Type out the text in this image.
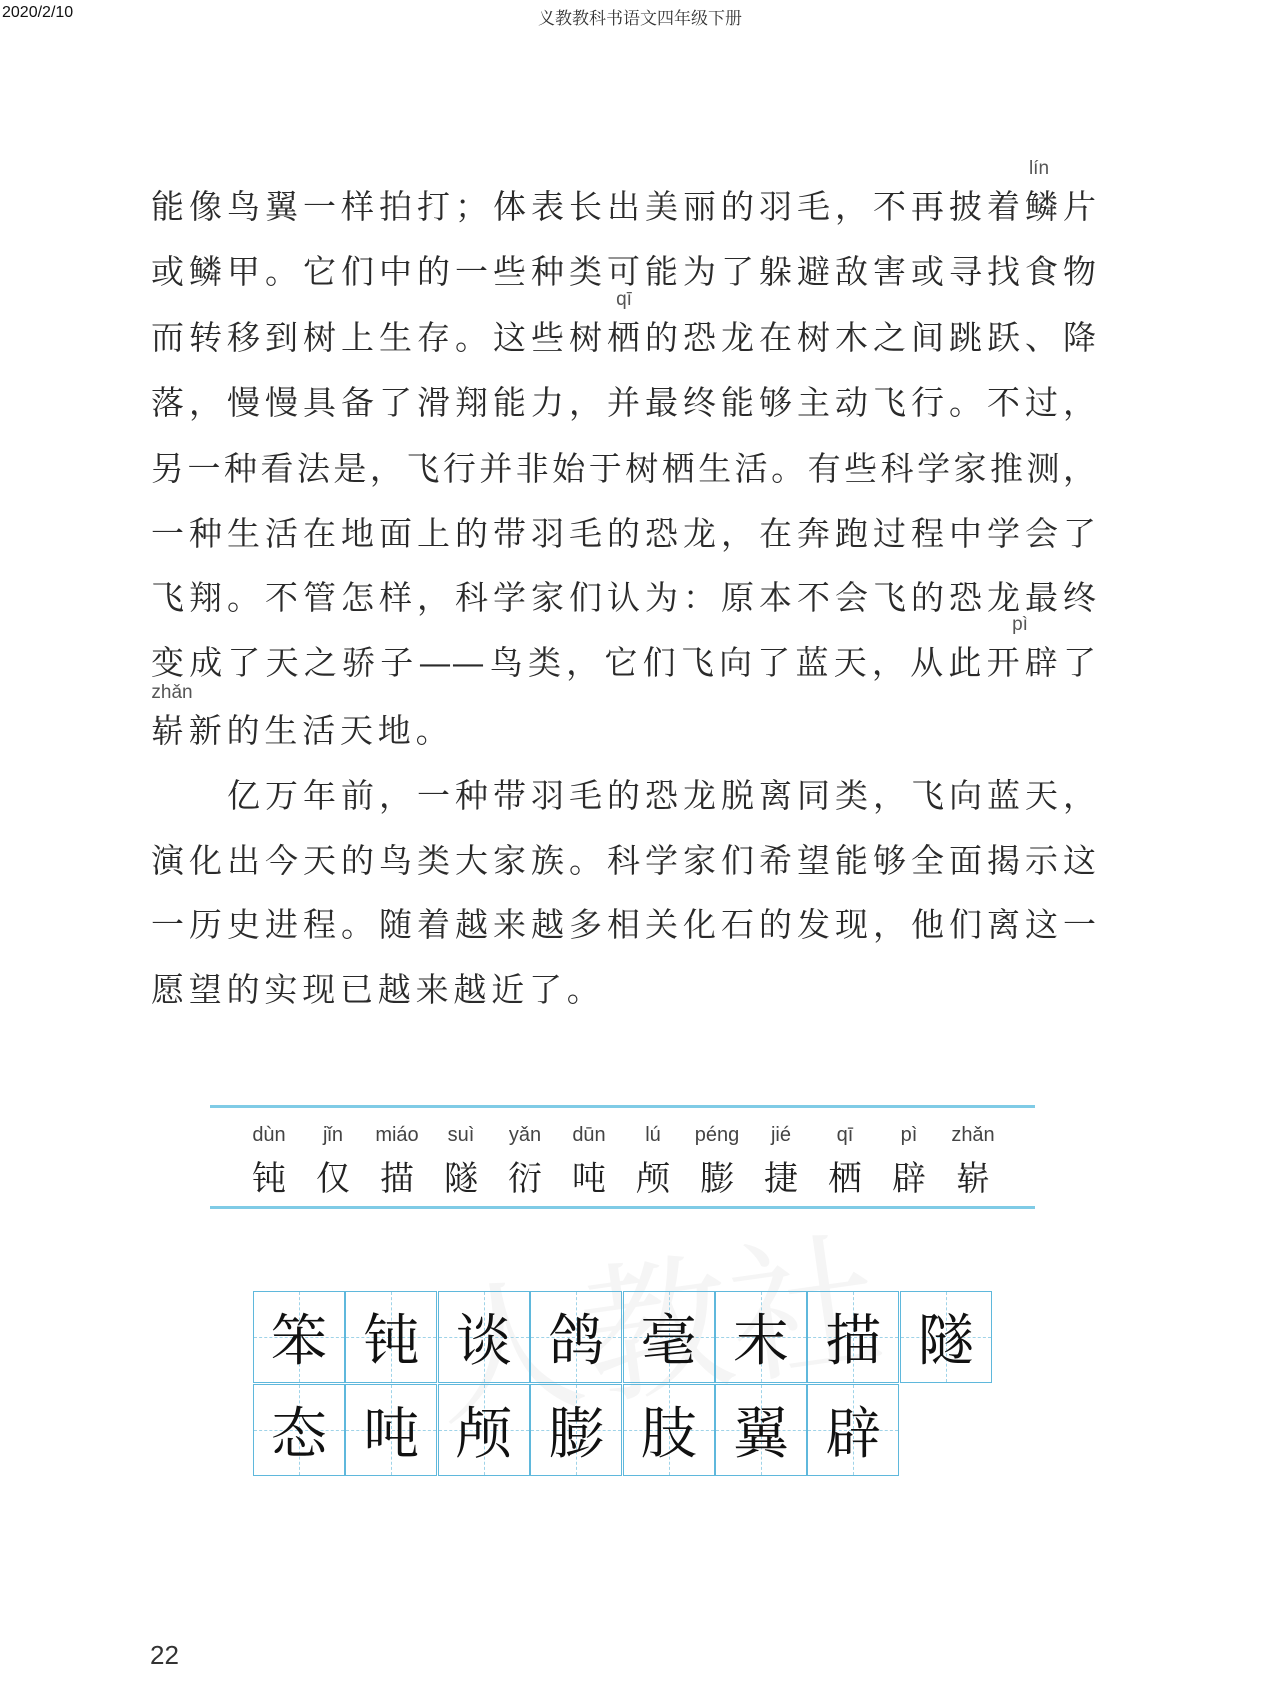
2020/2/10	义教教科书语文四年级下册
lín
能像鸟翼一样拍打；体表长出美丽的羽毛，不再披着鳞片
或鳞甲。它们中的一些种类可能为了躲避敌害或寻找食物
qī
而转移到树上生存。这些树栖的恐龙在树木之间跳跃、降
落，慢慢具备了滑翔能力，并最终能够主动飞行。不过，
另一种看法是，飞行并非始于树栖生活。有些科学家推测，
一种生活在地面上的带羽毛的恐龙，在奔跑过程中学会了
飞翔。不管怎样，科学家们认为：原本不会飞的恐龙最终
pì
变成了天之骄子——鸟类，它们飞向了蓝天，从此开辟了
zhǎn
崭新的生活天地。
亿万年前，一种带羽毛的恐龙脱离同类，飞向蓝天，
演化出今天的鸟类大家族。科学家们希望能够全面揭示这
一历史进程。随着越来越多相关化石的发现，他们离这一
愿望的实现已越来越近了。
dùn
钝
jǐn
仅
miáo
描
suì
隧
yǎn
衍
dūn
吨
lú
颅
péng
膨
jié
捷
qī
栖
pì
辟
zhǎn
崭
笨 钝 谈 鸽 毫 末 描 隧
态 吨 颅 膨 肢 翼 辟
22
